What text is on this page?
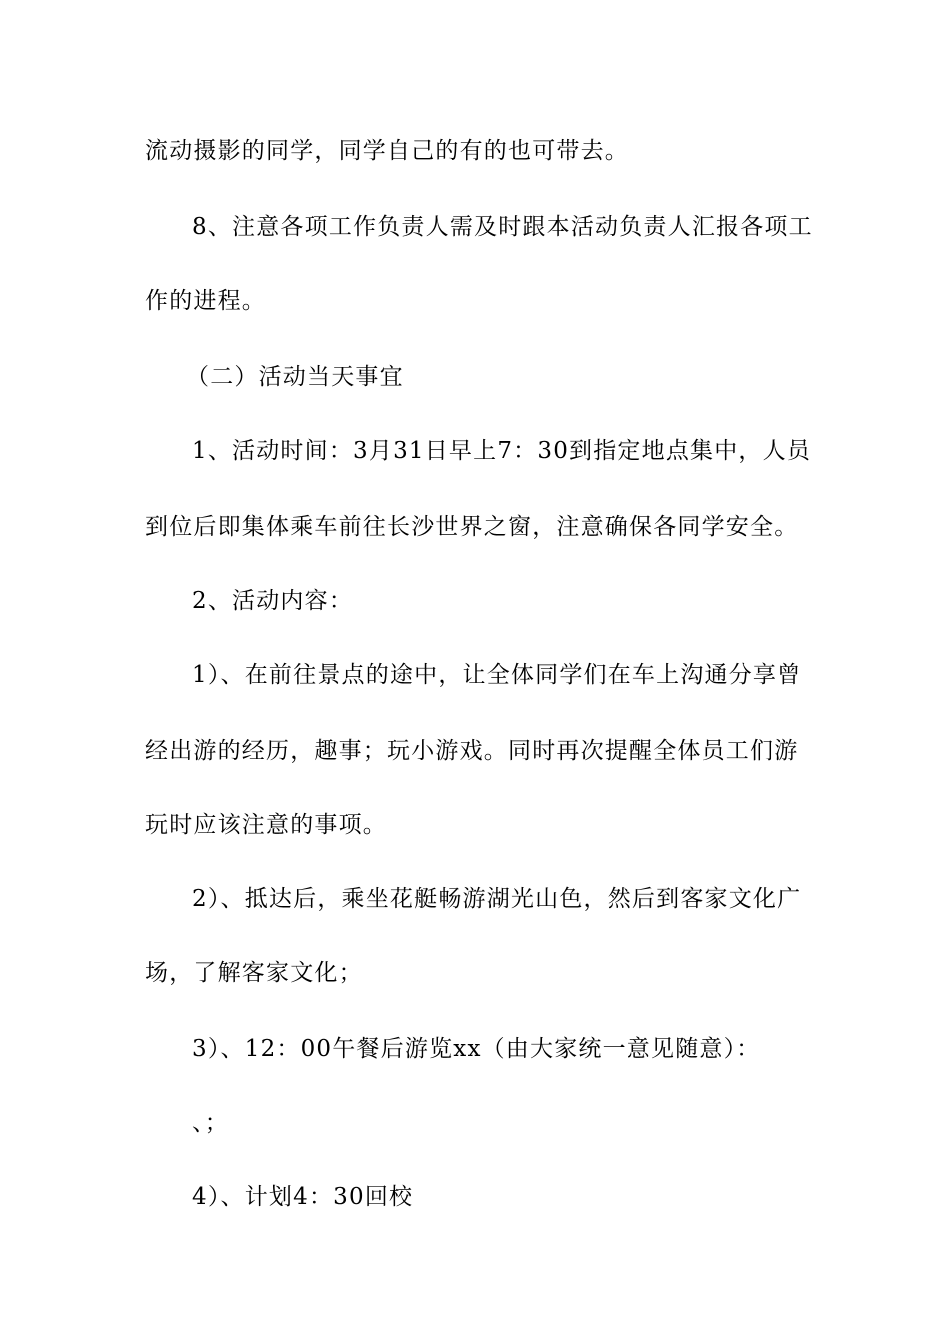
流动摄影的同学，同学自己的有的也可带去。
8、注意各项工作负责人需及时跟本活动负责人汇报各项工
作的进程。
（二）活动当天事宜
1、活动时间：3月31日早上7：30到指定地点集中，人员
到位后即集体乘车前往长沙世界之窗，注意确保各同学安全。
2、活动内容：
1）、在前往景点的途中，让全体同学们在车上沟通分享曾
经出游的经历，趣事；玩小游戏。同时再次提醒全体员工们游
玩时应该注意的事项。
2）、抵达后，乘坐花艇畅游湖光山色，然后到客家文化广
场，了解客家文化；
3）、12：00午餐后游览xx（由大家统一意见随意）：
、；
4）、计划4：30回校
